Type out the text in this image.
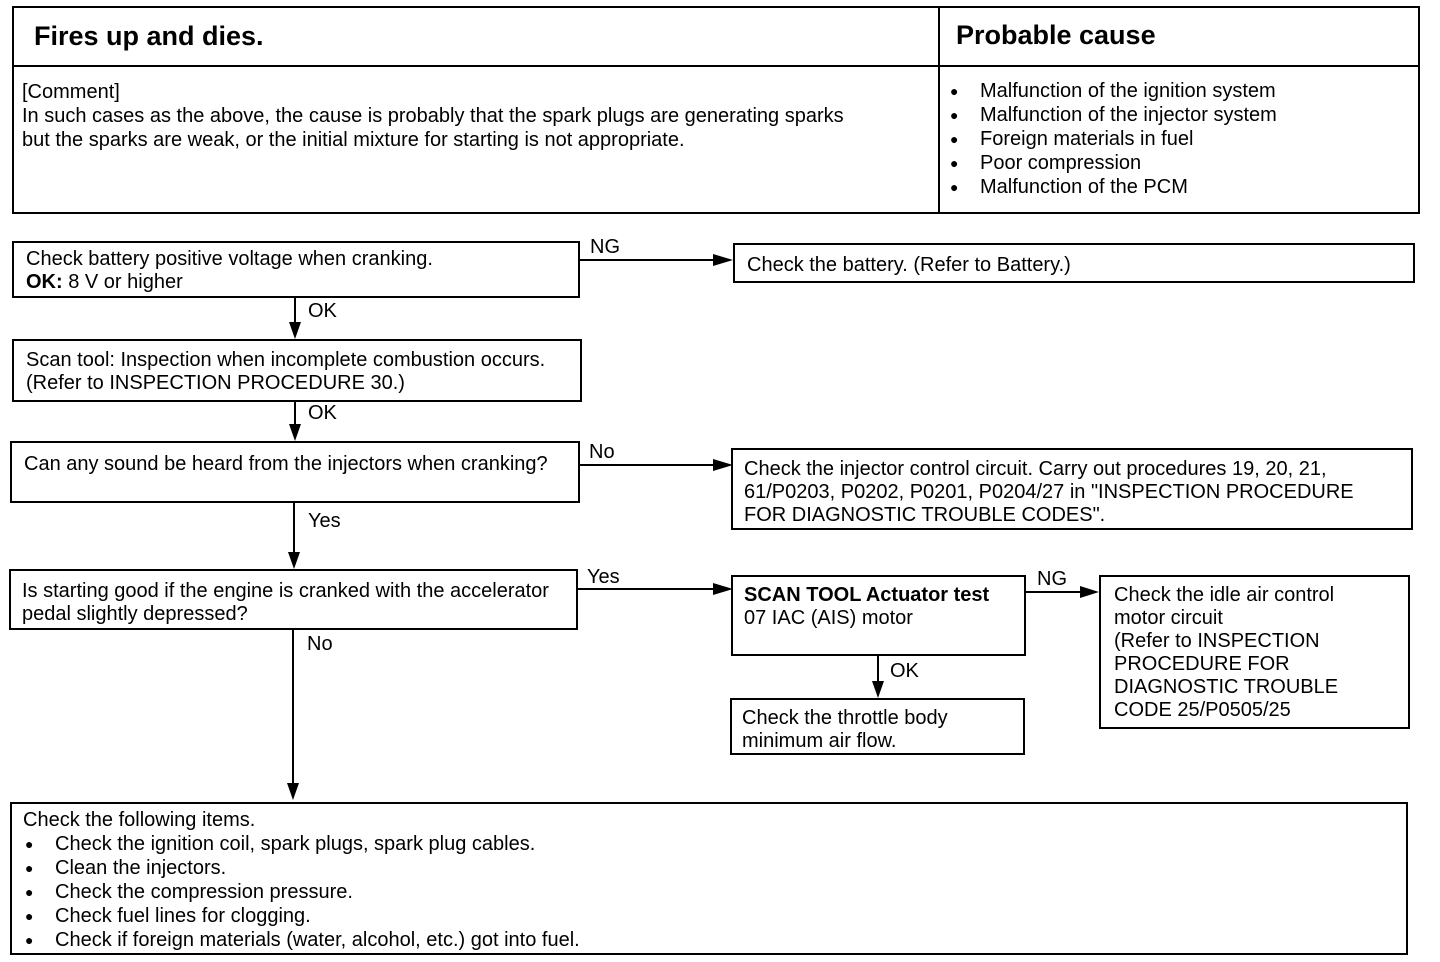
Fires up and dies.	Probable cause
[Comment]
In such cases as the above, the cause is probably that the spark plugs are generating sparks
but the sparks are weak, or the initial mixture for starting is not appropriate.
● Malfunction of the ignition system
● Malfunction of the injector system
● Foreign materials in fuel
● Poor compression
● Malfunction of the PCM
Check battery positive voltage when cranking.
OK: 8 V or higher
Check the battery. (Refer to Battery.)
Scan tool: Inspection when incomplete combustion occurs.
(Refer to INSPECTION PROCEDURE 30.)
Can any sound be heard from the injectors when cranking?	Check the injector control circuit. Carry out procedures 19, 20, 21,
61/P0203, P0202, P0201, P0204/27 in "INSPECTION PROCEDURE
FOR DIAGNOSTIC TROUBLE CODES".
Is starting good if the engine is cranked with the accelerator
pedal slightly depressed?
SCAN TOOL Actuator test
07 IAC (AIS) motor
Check the throttle body
minimum air flow.
Check the idle air control
motor circuit
(Refer to INSPECTION
PROCEDURE FOR
DIAGNOSTIC TROUBLE
CODE 25/P0505/25
Check the following items.
● Check the ignition coil, spark plugs, spark plug cables.
● Clean the injectors.
● Check the compression pressure.
● Check fuel lines for clogging.
● Check if foreign materials (water, alcohol, etc.) got into fuel.
NG
OK
OK
No
Yes
Yes
No
NG
OK
